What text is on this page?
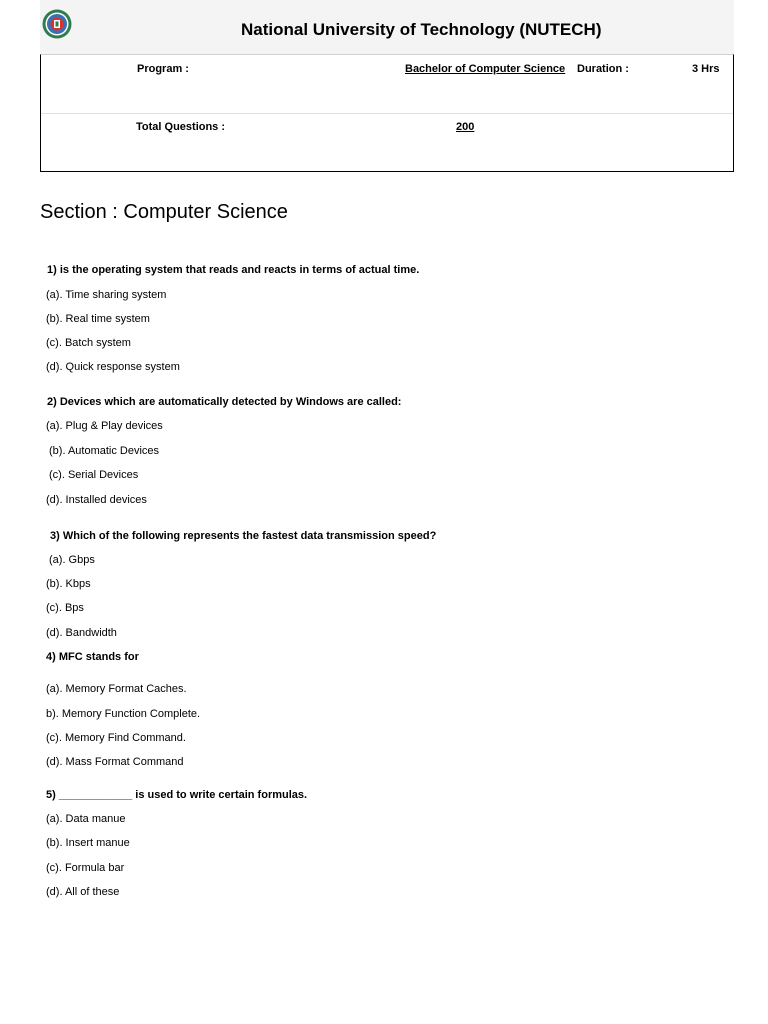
National University of Technology (NUTECH)
Program :	Bachelor of Computer Science Duration :	3 Hrs
Total Questions :	200
Section : Computer Science
1) is the operating system that reads and reacts in terms of actual time.
(a). Time sharing system
(b). Real time system
(c). Batch system
(d). Quick response system
2) Devices which are automatically detected by Windows are called:
(a). Plug & Play devices
(b). Automatic Devices
(c). Serial Devices
(d). Installed devices
3) Which of the following represents the fastest data transmission speed?
(a). Gbps
(b). Kbps
(c). Bps
(d). Bandwidth
4) MFC stands for
(a). Memory Format Caches.
b). Memory Function Complete.
(c). Memory Find Command.
(d). Mass Format Command
5) ____________ is used to write certain formulas.
(a). Data manue
(b). Insert manue
(c). Formula bar
(d). All of these
